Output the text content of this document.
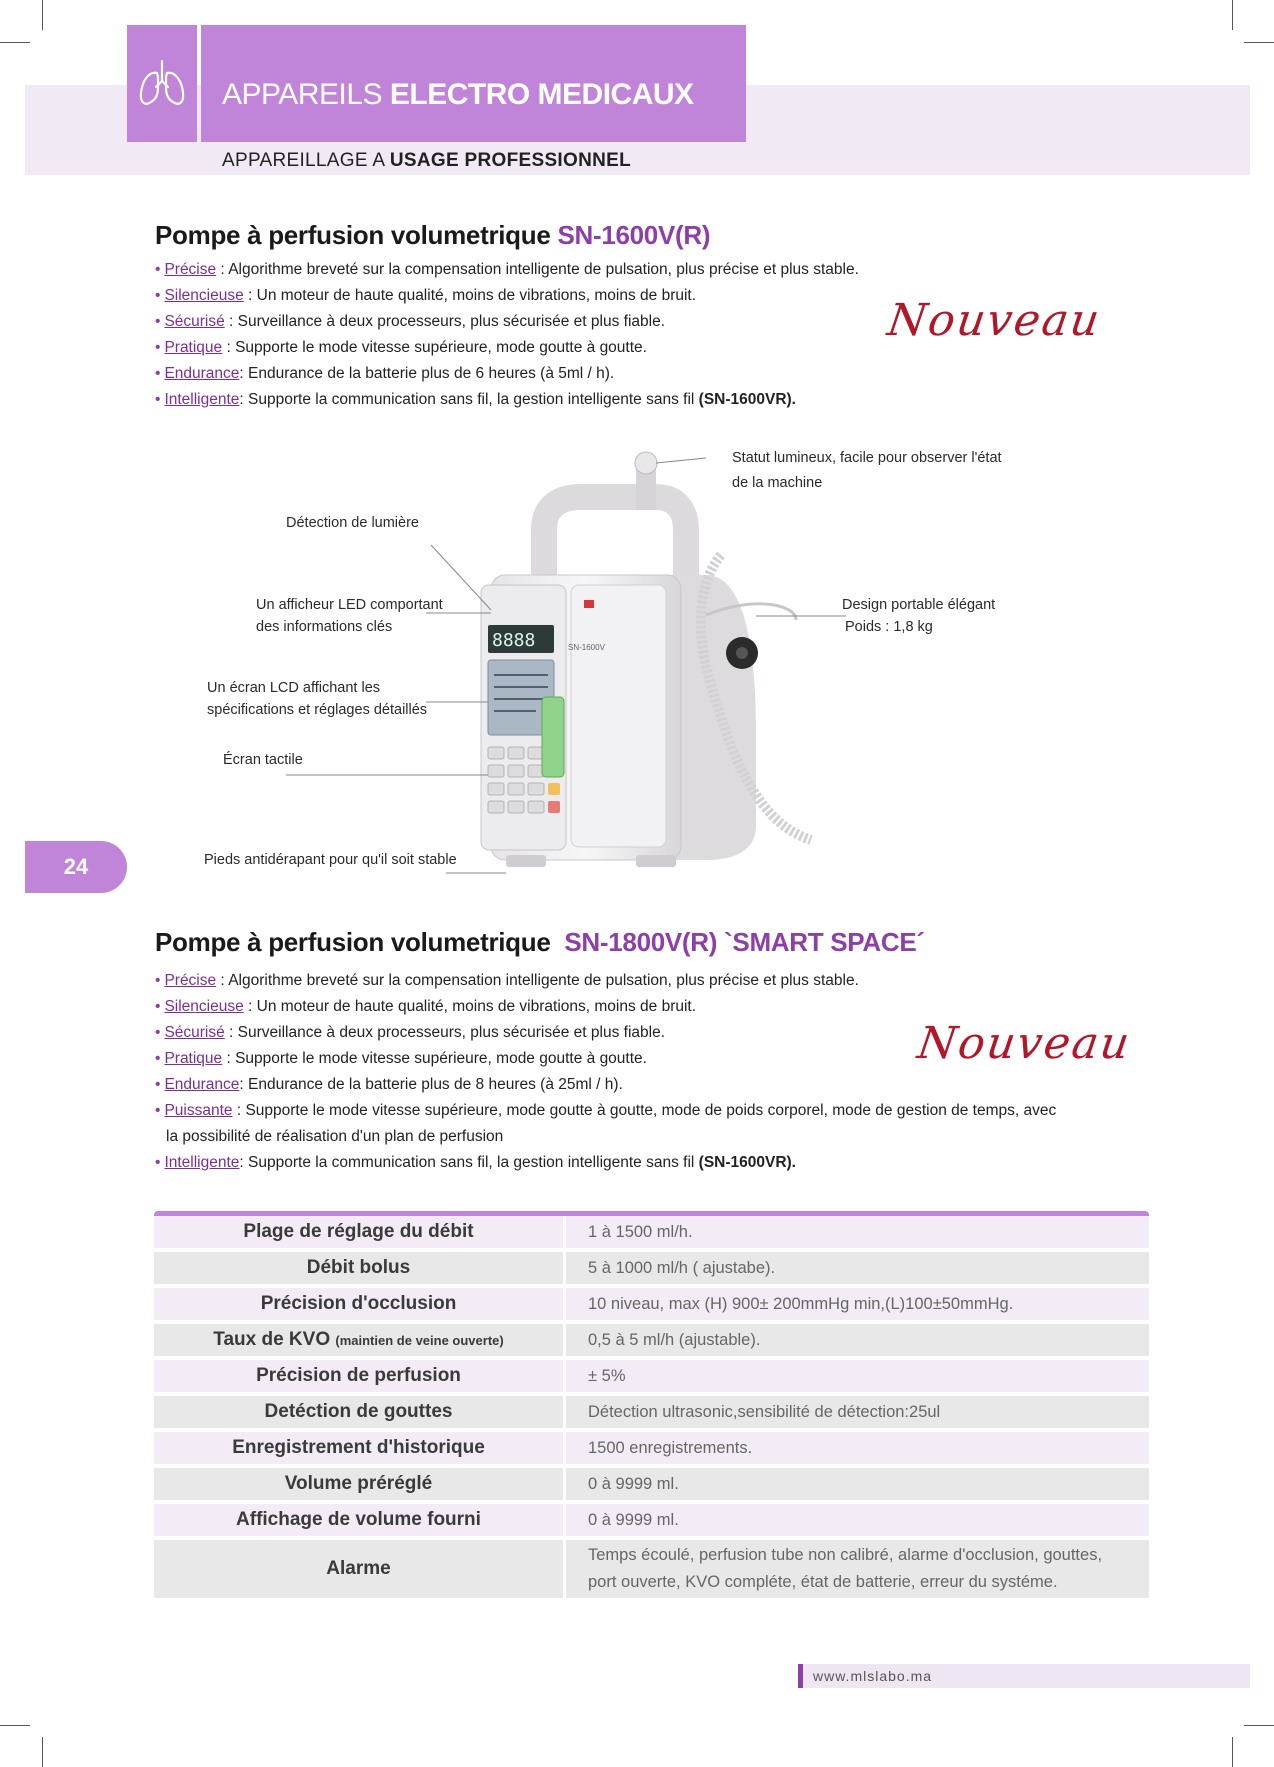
APPAREILS ELECTRO MEDICAUX
APPAREILLAGE A USAGE PROFESSIONNEL
Pompe à perfusion volumetrique SN-1600V(R)
• Précise : Algorithme breveté sur la compensation intelligente de pulsation, plus précise et plus stable.
• Silencieuse : Un moteur de haute qualité, moins de vibrations, moins de bruit.
• Sécurisé : Surveillance à deux processeurs, plus sécurisée et plus fiable.
• Pratique : Supporte le mode vitesse supérieure, mode goutte à goutte.
• Endurance: Endurance de la batterie plus de 6 heures (à 5ml / h).
• Intelligente: Supporte la communication sans fil, la gestion intelligente sans fil (SN-1600VR).
Nouveau
8888	SN-1600V
Statut lumineux, facile pour observer l'état
de la machine
Détection de lumière
Un afficheur LED comportant
des informations clés
Design portable élégant
Poids : 1,8 kg
Un écran LCD affichant les
spécifications et réglages détaillés
Écran tactile
Pieds antidérapant pour qu'il soit stable
24
Pompe à perfusion volumetrique SN-1800V(R) `SMART SPACE´
• Précise : Algorithme breveté sur la compensation intelligente de pulsation, plus précise et plus stable.
• Silencieuse : Un moteur de haute qualité, moins de vibrations, moins de bruit.
• Sécurisé : Surveillance à deux processeurs, plus sécurisée et plus fiable.
• Pratique : Supporte le mode vitesse supérieure, mode goutte à goutte.
• Endurance: Endurance de la batterie plus de 8 heures (à 25ml / h).
• Puissante : Supporte le mode vitesse supérieure, mode goutte à goutte, mode de poids corporel, mode de gestion de temps, avec
la possibilité de réalisation d'un plan de perfusion
• Intelligente: Supporte la communication sans fil, la gestion intelligente sans fil (SN-1600VR).
Nouveau
Plage de réglage du débit	1 à 1500 ml/h.

Débit bolus	5 à 1000 ml/h ( ajustabe).

Précision d'occlusion	10 niveau, max (H) 900± 200mmHg min,(L)100±50mmHg.

Taux de KVO (maintien de veine ouverte)	0,5 à 5 ml/h (ajustable).

Précision de perfusion	± 5%

Detéction de gouttes	Détection ultrasonic,sensibilité de détection:25ul

Enregistrement d'historique	1500 enregistrements.

Volume préréglé	0 à 9999 ml.

Affichage de volume fourni	0 à 9999 ml.

Alarme	Temps écoulé, perfusion tube non calibré, alarme d'occlusion, gouttes,
port ouverte, KVO compléte, état de batterie, erreur du systéme.
www.mlslabo.ma
